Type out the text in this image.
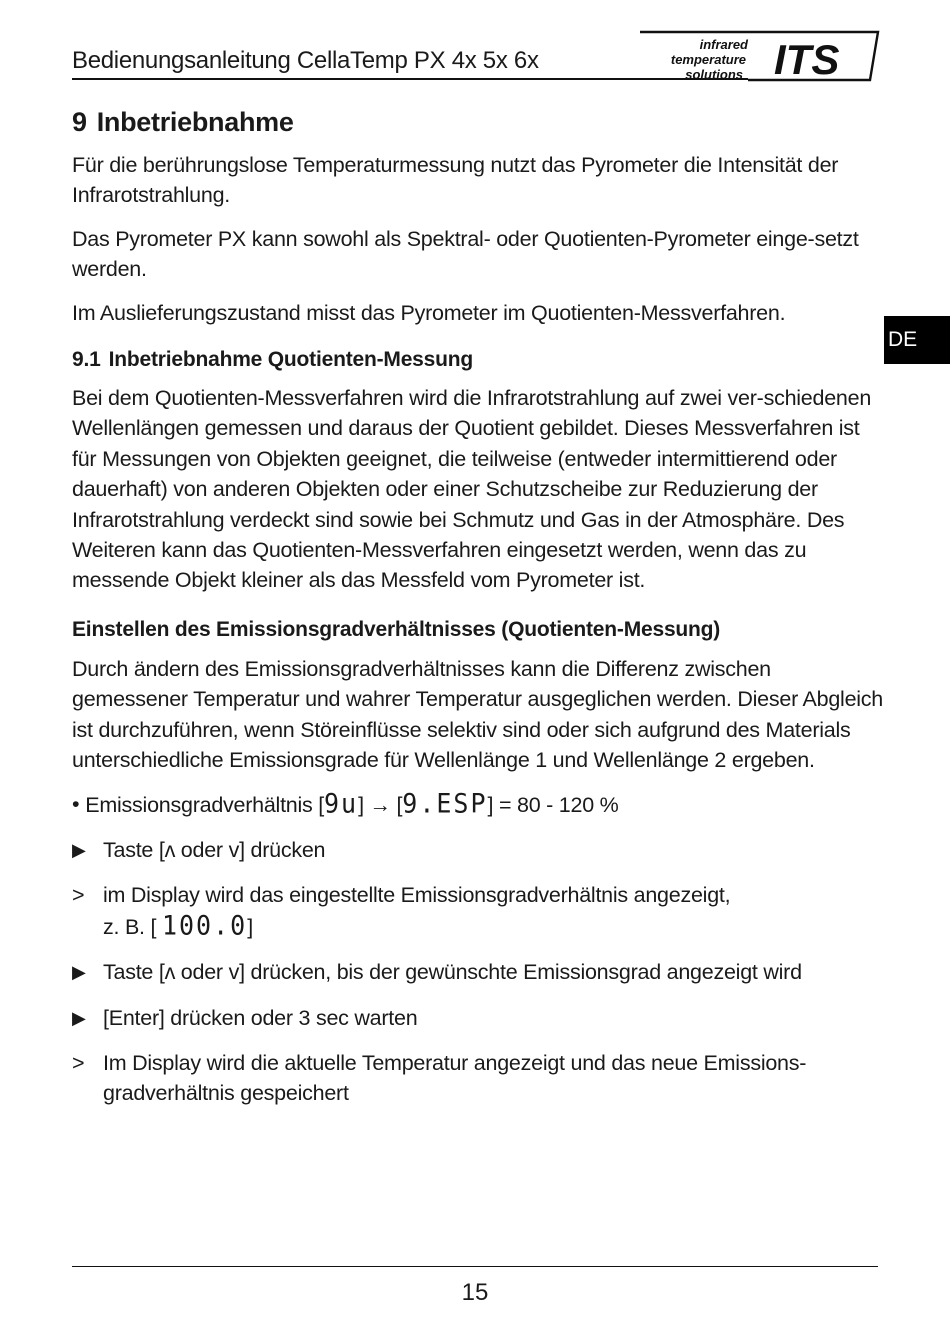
Bedienungsanleitung CellaTemp PX 4x 5x 6x
infrared
temperature
solutions ITS
DE
9 Inbetriebnahme

Für die berührungslose Temperaturmessung nutzt das Pyrometer die Intensität der Infrarotstrahlung.

Das Pyrometer PX kann sowohl als Spektral- oder Quotienten-Pyrometer einge-setzt werden.

Im Auslieferungszustand misst das Pyrometer im Quotienten-Messverfahren.

9.1 Inbetriebnahme Quotienten-Messung

Bei dem Quotienten-Messverfahren wird die Infrarotstrahlung auf zwei ver-schiedenen Wellenlängen gemessen und daraus der Quotient gebildet. Dieses Messverfahren ist für Messungen von Objekten geeignet, die teilweise (entweder intermittierend oder dauerhaft) von anderen Objekten oder einer Schutzscheibe zur Reduzierung der Infrarotstrahlung verdeckt sind sowie bei Schmutz und Gas in der Atmosphäre. Des Weiteren kann das Quotienten-Messverfahren eingesetzt werden, wenn das zu messende Objekt kleiner als das Messfeld vom Pyrometer ist.

Einstellen des Emissionsgradverhältnisses (Quotienten-Messung)

Durch ändern des Emissionsgradverhältnisses kann die Differenz zwischen gemessener Temperatur und wahrer Temperatur ausgeglichen werden. Dieser Abgleich ist durchzuführen, wenn Störeinflüsse selektiv sind oder sich aufgrund des Materials unterschiedliche Emissionsgrade für Wellenlänge 1 und Wellenlänge 2 ergeben.

• Emissionsgradverhältnis [9u] → [9.ESP] = 80 - 120 %
▶ Taste [ʌ oder v] drücken
> im Display wird das eingestellte Emissionsgradverhältnis angezeigt,
z. B. [ 100.0]
▶ Taste [ʌ oder v] drücken, bis der gewünschte Emissionsgrad angezeigt wird
▶ [Enter] drücken oder 3 sec warten
> Im Display wird die aktuelle Temperatur angezeigt und das neue Emissions-gradverhältnis gespeichert
15
